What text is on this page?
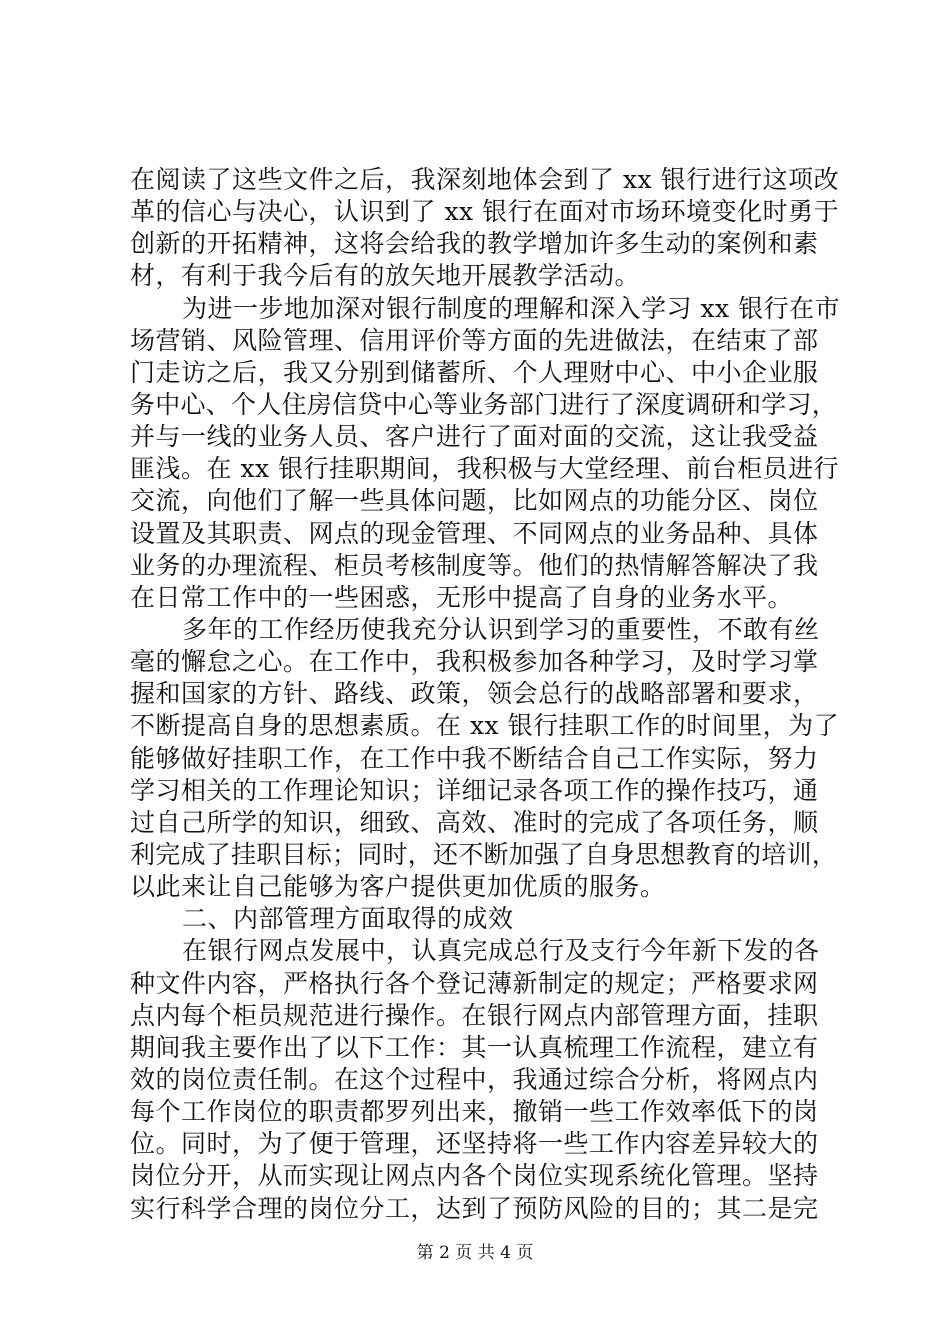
在阅读了这些文件之后，我深刻地体会到了 xx 银行进行这项改
革的信心与决心，认识到了 xx 银行在面对市场环境变化时勇于
创新的开拓精神，这将会给我的教学增加许多生动的案例和素
材，有利于我今后有的放矢地开展教学活动。
为进一步地加深对银行制度的理解和深入学习 xx 银行在市
场营销、风险管理、信用评价等方面的先进做法，在结束了部
门走访之后，我又分别到储蓄所、个人理财中心、中小企业服
务中心、个人住房信贷中心等业务部门进行了深度调研和学习，
并与一线的业务人员、客户进行了面对面的交流，这让我受益
匪浅。在 xx 银行挂职期间，我积极与大堂经理、前台柜员进行
交流，向他们了解一些具体问题，比如网点的功能分区、岗位
设置及其职责、网点的现金管理、不同网点的业务品种、具体
业务的办理流程、柜员考核制度等。他们的热情解答解决了我
在日常工作中的一些困惑，无形中提高了自身的业务水平。
多年的工作经历使我充分认识到学习的重要性，不敢有丝
毫的懈怠之心。在工作中，我积极参加各种学习，及时学习掌
握和国家的方针、路线、政策，领会总行的战略部署和要求，
不断提高自身的思想素质。在 xx 银行挂职工作的时间里，为了
能够做好挂职工作，在工作中我不断结合自己工作实际，努力
学习相关的工作理论知识；详细记录各项工作的操作技巧，通
过自己所学的知识，细致、高效、准时的完成了各项任务，顺
利完成了挂职目标；同时，还不断加强了自身思想教育的培训，
以此来让自己能够为客户提供更加优质的服务。
二、内部管理方面取得的成效
在银行网点发展中，认真完成总行及支行今年新下发的各
种文件内容，严格执行各个登记薄新制定的规定；严格要求网
点内每个柜员规范进行操作。在银行网点内部管理方面，挂职
期间我主要作出了以下工作：其一认真梳理工作流程，建立有
效的岗位责任制。在这个过程中，我通过综合分析，将网点内
每个工作岗位的职责都罗列出来，撤销一些工作效率低下的岗
位。同时，为了便于管理，还坚持将一些工作内容差异较大的
岗位分开，从而实现让网点内各个岗位实现系统化管理。坚持
实行科学合理的岗位分工，达到了预防风险的目的；其二是完
第 2 页 共 4 页
